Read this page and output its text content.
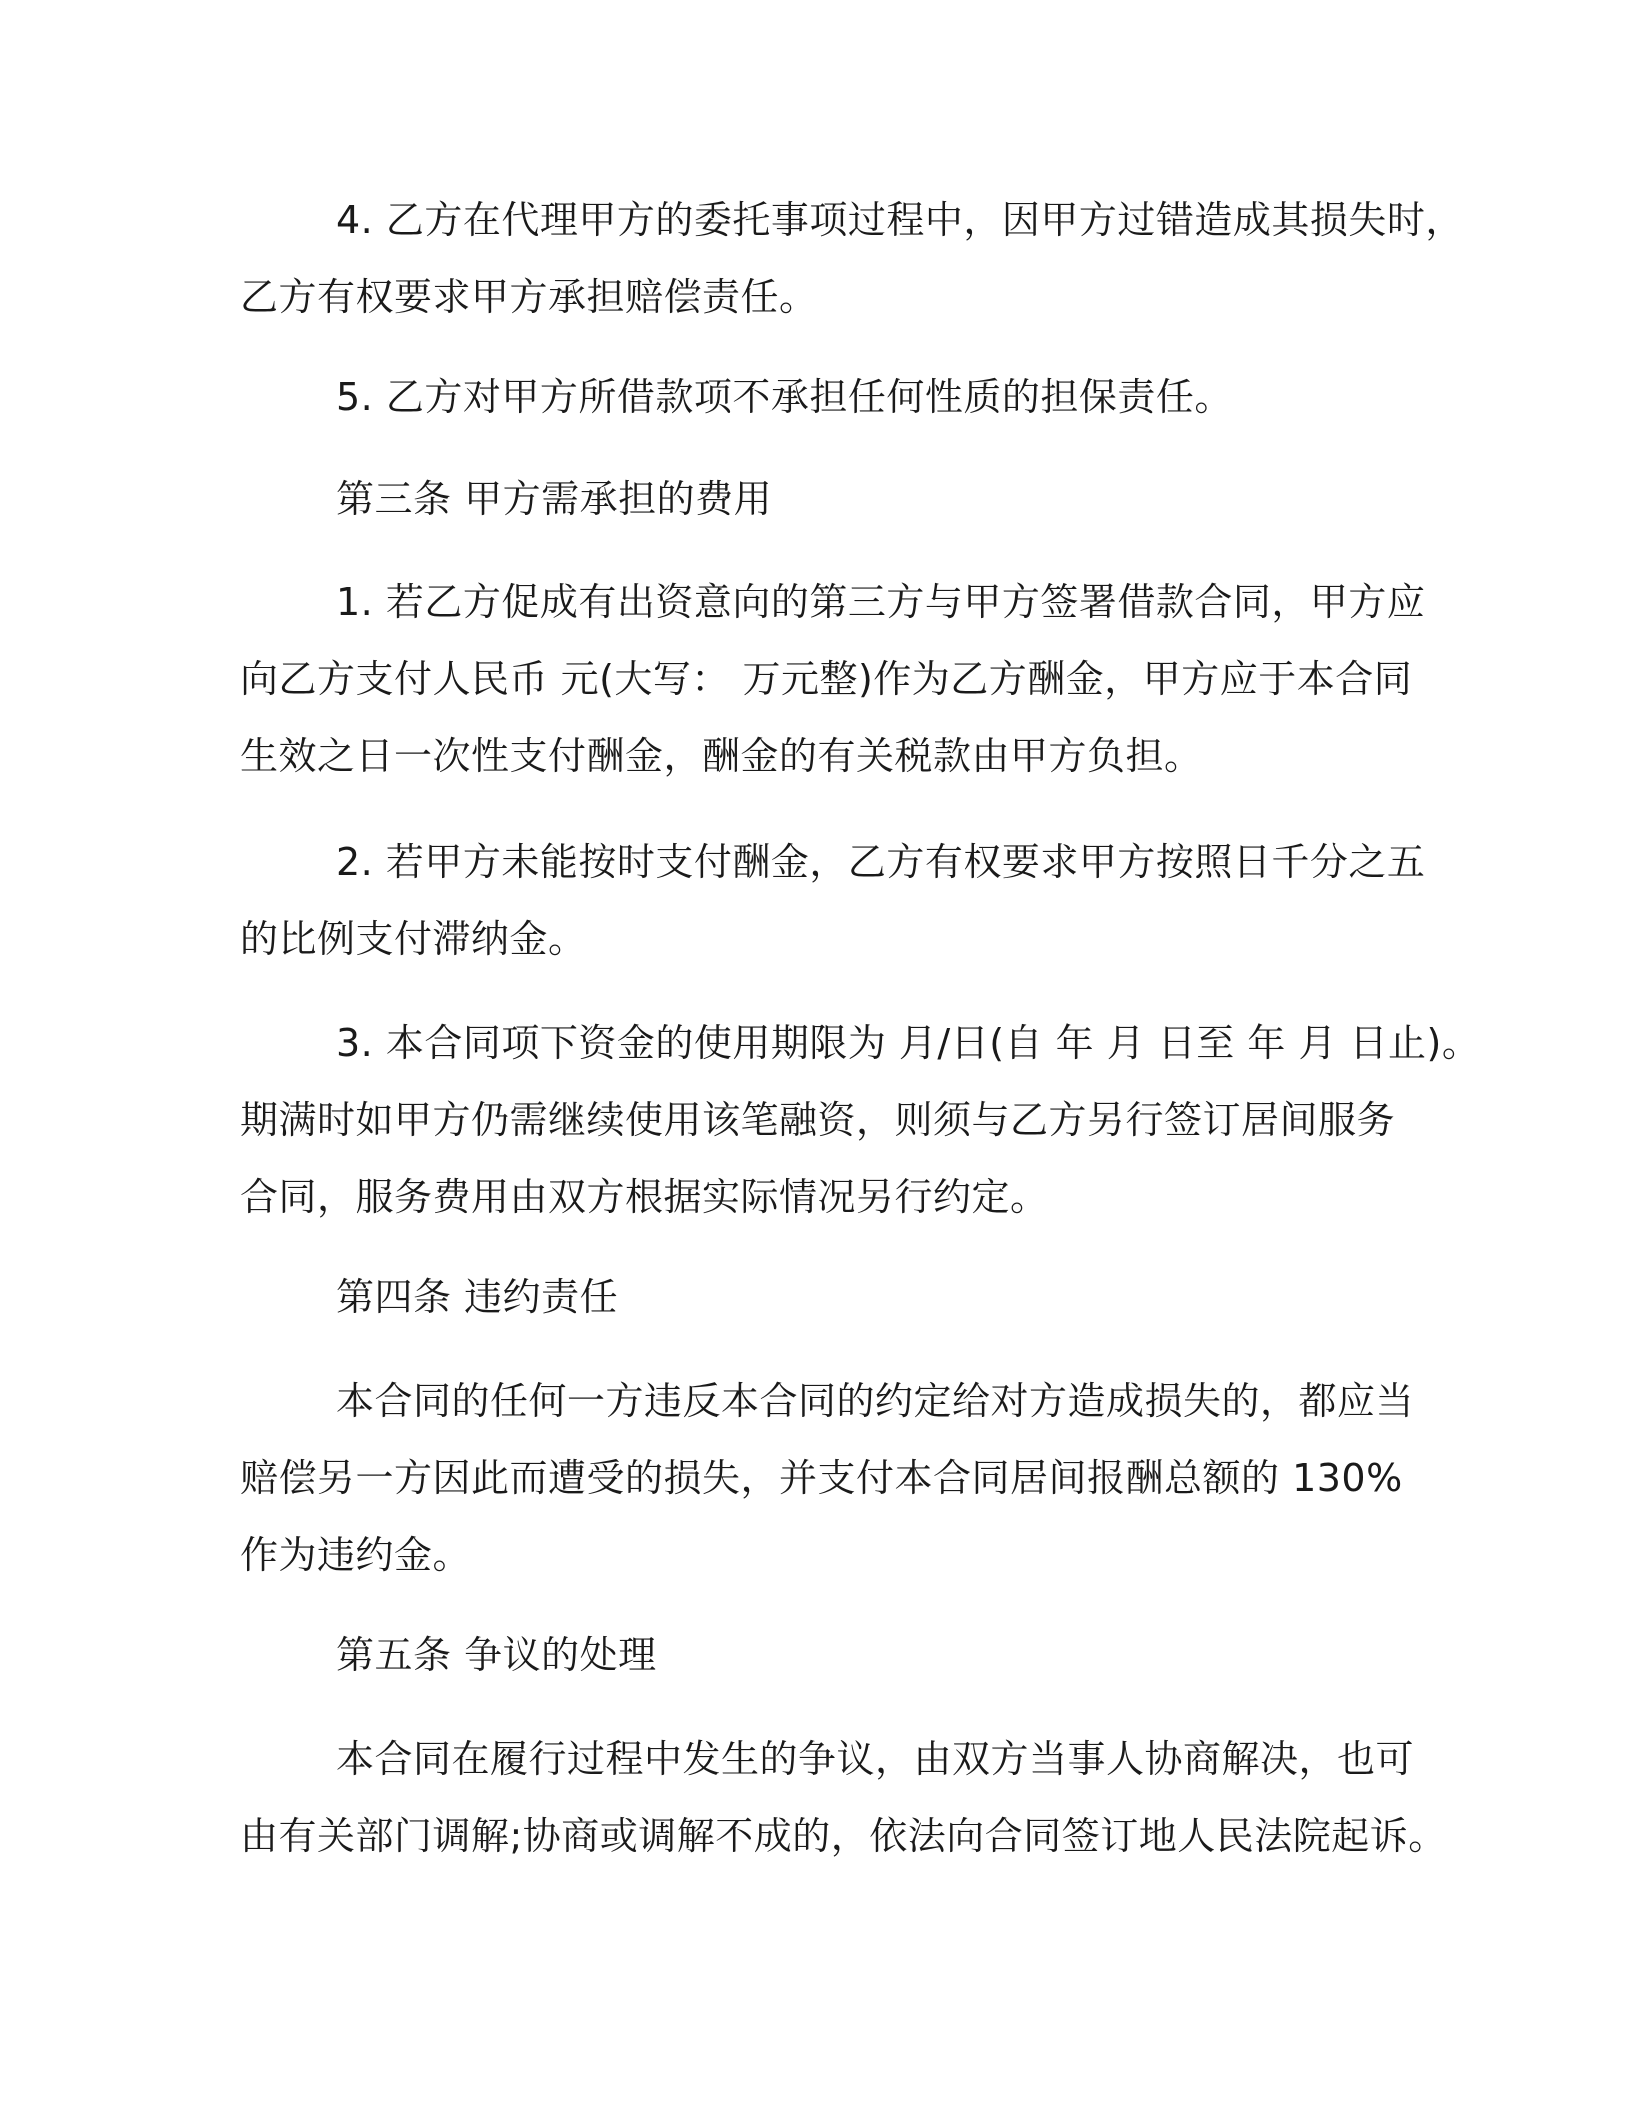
4. 乙方在代理甲方的委托事项过程中，因甲方过错造成其损失时，
乙方有权要求甲方承担赔偿责任。
5. 乙方对甲方所借款项不承担任何性质的担保责任。
第三条 甲方需承担的费用
1. 若乙方促成有出资意向的第三方与甲方签署借款合同，甲方应
向乙方支付人民币 元(大写： 万元整)作为乙方酬金，甲方应于本合同
生效之日一次性支付酬金，酬金的有关税款由甲方负担。
2. 若甲方未能按时支付酬金，乙方有权要求甲方按照日千分之五
的比例支付滞纳金。
3. 本合同项下资金的使用期限为 月/日(自 年 月 日至 年 月 日止)。
期满时如甲方仍需继续使用该笔融资，则须与乙方另行签订居间服务
合同，服务费用由双方根据实际情况另行约定。
第四条 违约责任
本合同的任何一方违反本合同的约定给对方造成损失的，都应当
赔偿另一方因此而遭受的损失，并支付本合同居间报酬总额的 130%
作为违约金。
第五条 争议的处理
本合同在履行过程中发生的争议，由双方当事人协商解决，也可
由有关部门调解;协商或调解不成的，依法向合同签订地人民法院起诉。
